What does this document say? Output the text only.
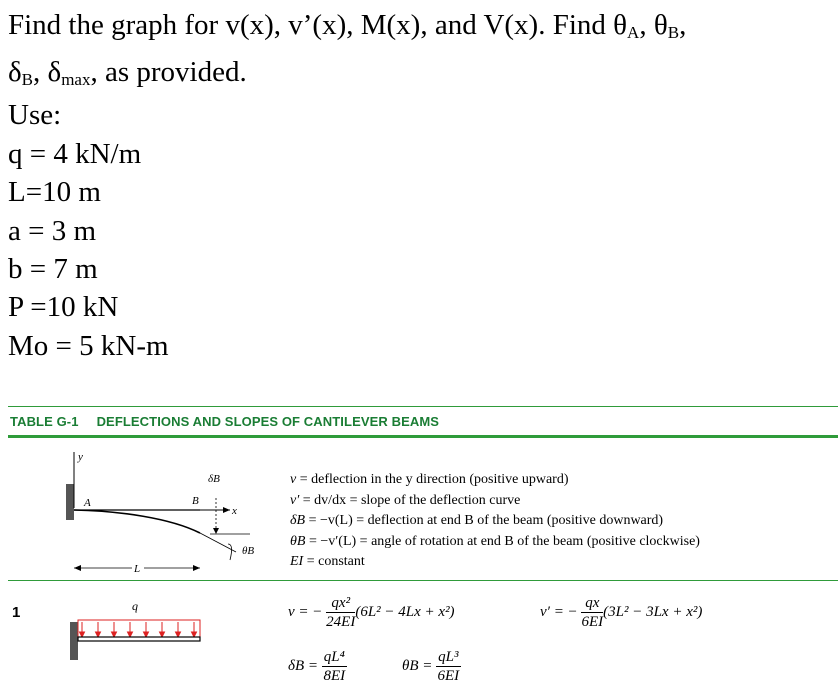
Find the graph for v(x), v’(x), M(x), and V(x). Find $\theta_A$, $\theta_B$,
$\delta_B$, $\delta_{max}$, as provided.
Use:
q = 4 kN/m
L=10 m
a = 3 m
b = 7 m
P =10 kN
Mo = 5 kN-m
TABLE G-1 DEFLECTIONS AND SLOPES OF CANTILEVER BEAMS
y
x
A	B
δB
θB
L
v = deflection in the y direction (positive upward)
v′ = dv/dx = slope of the deflection curve
δB = −v(L) = deflection at end B of the beam (positive downward)
θB = −v′(L) = angle of rotation at end B of the beam (positive clockwise)
EI = constant
1	q	v = − $\frac{\text{qx²}}{24EI} (6L^2 - 4Lx + x^2)$	v′ = − $\frac{qx}{6EI} (3L^2 - 3Lx + x^2)$
$\delta B = \frac{\text{qL⁴}}{8EI}$	$\theta B = \frac{\text{qL³}}{6EI}$
